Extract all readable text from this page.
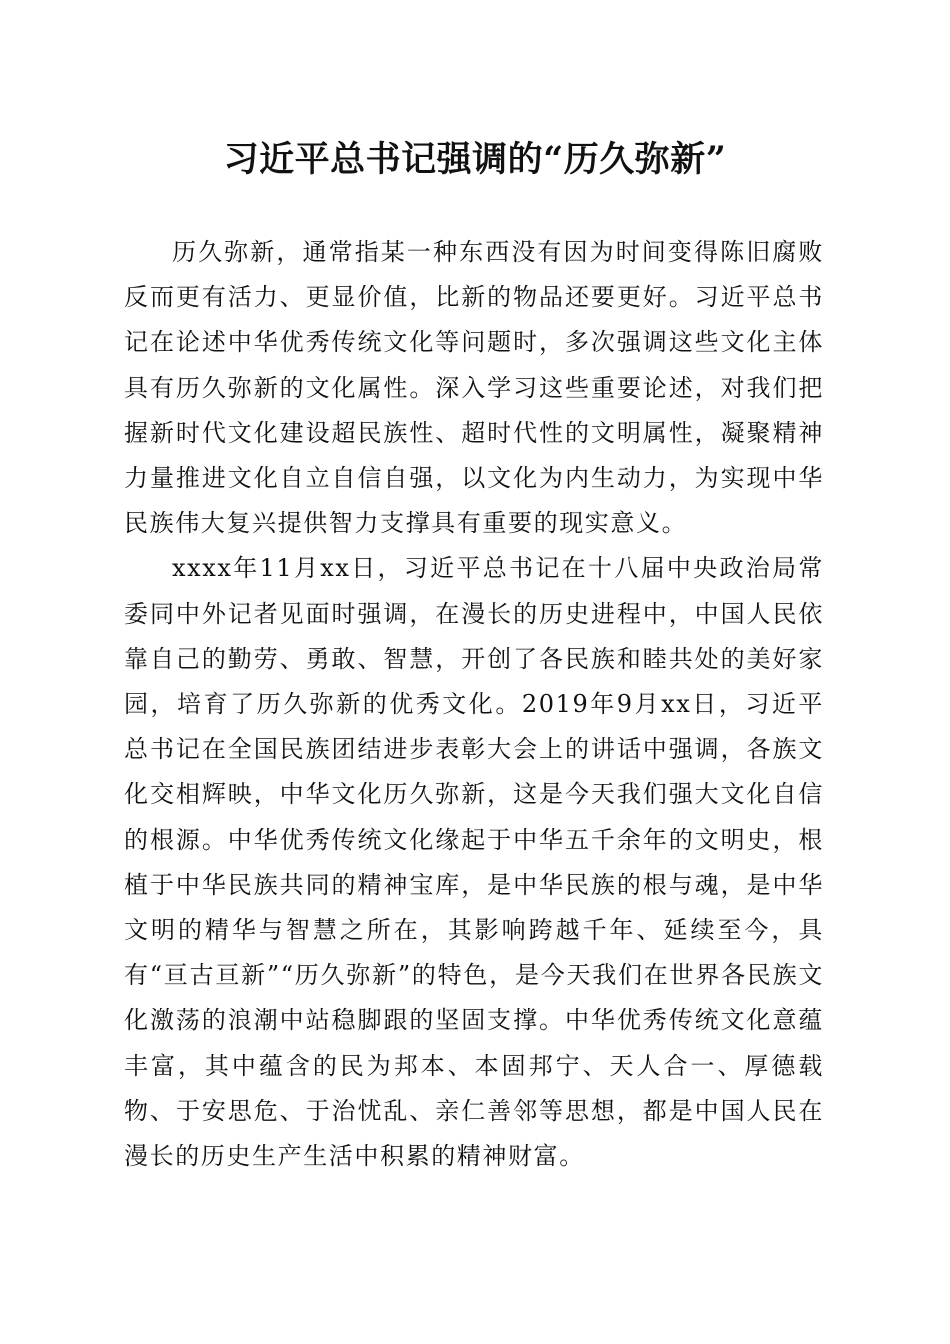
习近平总书记强调的“历久弥新”

历久弥新，通常指某一种东西没有因为时间变得陈旧腐败反而更有活力、更显价值，比新的物品还要更好。习近平总书记在论述中华优秀传统文化等问题时，多次强调这些文化主体具有历久弥新的文化属性。深入学习这些重要论述，对我们把握新时代文化建设超民族性、超时代性的文明属性，凝聚精神力量推进文化自立自信自强，以文化为内生动力，为实现中华民族伟大复兴提供智力支撑具有重要的现实意义。

xxxx年11月xx日，习近平总书记在十八届中央政治局常委同中外记者见面时强调，在漫长的历史进程中，中国人民依靠自己的勤劳、勇敢、智慧，开创了各民族和睦共处的美好家园，培育了历久弥新的优秀文化。2019年9月xx日，习近平总书记在全国民族团结进步表彰大会上的讲话中强调，各族文化交相辉映，中华文化历久弥新，这是今天我们强大文化自信的根源。中华优秀传统文化缘起于中华五千余年的文明史，根植于中华民族共同的精神宝库，是中华民族的根与魂，是中华文明的精华与智慧之所在，其影响跨越千年、延续至今，具有“亘古亘新”“历久弥新”的特色，是今天我们在世界各民族文化激荡的浪潮中站稳脚跟的坚固支撑。中华优秀传统文化意蕴丰富，其中蕴含的民为邦本、本固邦宁、天人合一、厚德载物、于安思危、于治忧乱、亲仁善邻等思想，都是中国人民在漫长的历史生产生活中积累的精神财富。
